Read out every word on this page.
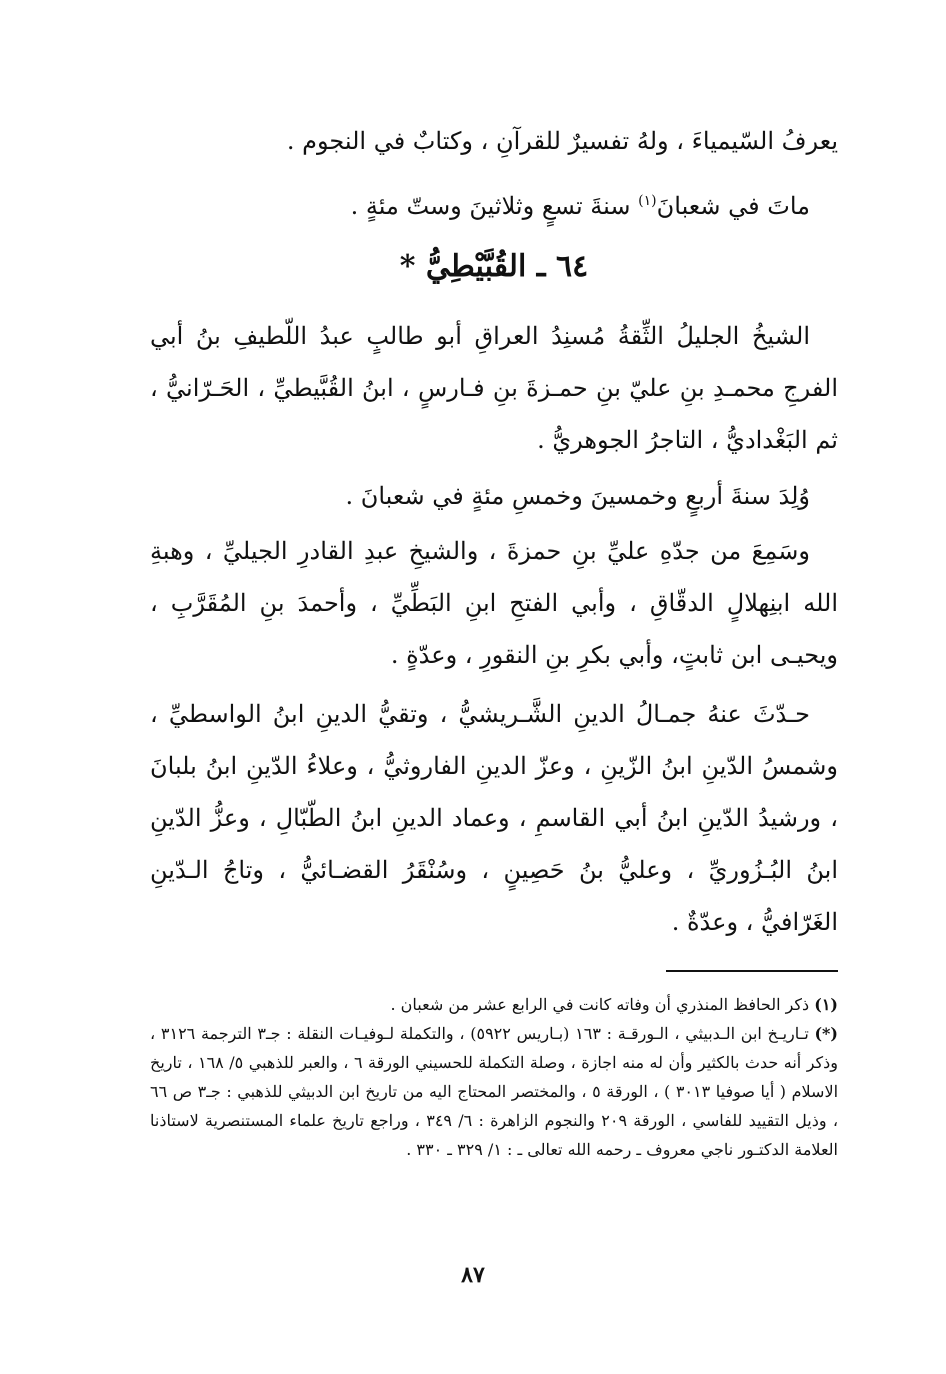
يعرفُ السّيمياءَ ، ولهُ تفسيرٌ للقرآنِ ، وكتابٌ في النجوم .

ماتَ في شعبانَ$^{(١)}$ سنةَ تسعٍ وثلاثينَ وستّ مئةٍ .

٦٤ ـ القُبَّيْطِيُّ *

الشيخُ الجليلُ الثِّقةُ مُسنِدُ العراقِ أبو طالبٍ عبدُ اللّطيفِ بنُ أبي الفرجِ محمـدِ بنِ عليّ بنِ حمـزةَ بنِ فـارسٍ ، ابنُ القُبَّيطيِّ ، الحَـرّانيُّ ، ثم البَغْداديُّ ، التاجرُ الجوهريُّ .

وُلِدَ سنةَ أربعٍ وخمسينَ وخمسِ مئةٍ في شعبانَ .

وسَمِعَ من جدّهِ عليِّ بنِ حمزةَ ، والشيخِ عبدِ القادرِ الجيليِّ ، وهبةِ الله ابنِهلالٍ الدقّاقِ ، وأبي الفتحِ ابنِ البَطِّيِّ ، وأحمدَ بنِ المُقَرَّبِ ، ويحيـى ابن ثابتٍ، وأبي بكرِ بنِ النقورِ ، وعدّةٍ .

حـدّثَ عنهُ جمـالُ الدينِ الشَّـريشيُّ ، وتقيُّ الدينِ ابنُ الواسطيِّ ، وشمسُ الدّينِ ابنُ الزّينِ ، وعزّ الدينِ الفاروثيُّ ، وعلاءُ الدّينِ ابنُ بلبانَ ، ورشيدُ الدّينِ ابنُ أبي القاسمِ ، وعماد الدينِ ابنُ الطّبّالِ ، وعزُّ الدّينِ ابنُ البُـزُوريِّ ، وعليُّ بنُ حَصِينٍ ، وسُنْقَرُ القضـائيُّ ، وتاجُ الـدّينِ الغَرّافيُّ ، وعدّةٌ .

(١) ذكر الحافظ المنذري أن وفاته كانت في الرابع عشر من شعبان .

(*) تـاريـخ ابن الـدبيثي ، الـورقـة : ١٦٣ (بـاريس ٥٩٢٢) ، والتكملة لـوفيـات النقلة : جـ٣ الترجمة ٣١٢٦ ، وذكر أنه حدث بالكثير وأن له منه اجازة ، وصلة التكملة للحسيني الورقة ٦ ، والعبر للذهبي ٥/ ١٦٨ ، تاريخ الاسلام ( أيا صوفيا ٣٠١٣ ) ، الورقة ٥ ، والمختصر المحتاج اليه من تاريخ ابن الدبيثي للذهبي : جـ٣ ص ٦٦ ، وذيل التقييد للفاسي ، الورقة ٢٠٩ والنجوم الزاهرة : ٦/ ٣٤٩ ، وراجع تاريخ علماء المستنصرية لاستاذنا العلامة الدكتـور ناجي معروف ـ رحمه الله تعالى ـ : ١/ ٣٢٩ ـ ٣٣٠ .

٨٧
